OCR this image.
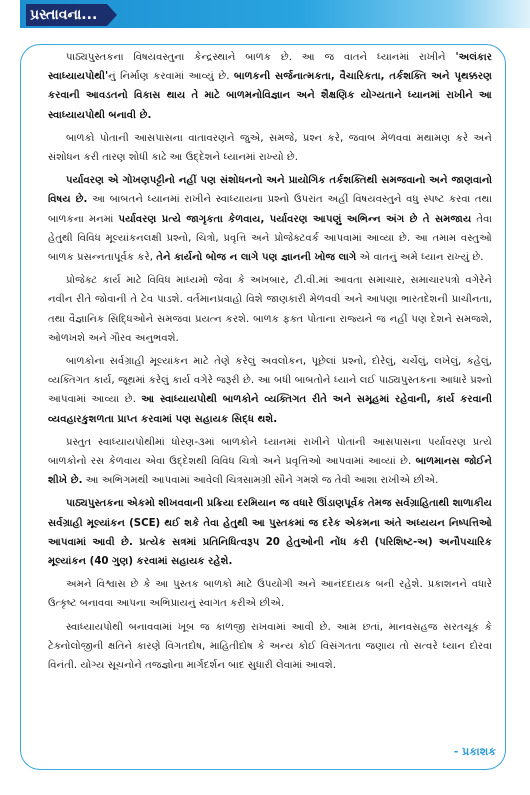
પ્રસ્તાવના...

પાઠ્યપુસ્તકના વિષયવસ્તુના કેન્દ્રસ્થાને બાળક છે. આ જ વાતને ધ્યાનમાં રાખીને 'અલંકાર સ્વાધ્યાયપોથી'નું નિર્માણ કરવામાં આવ્યું છે. બાળકની સર્જનાત્મકતા, વૈચારિકતા, તર્કશક્તિ અને પૃથક્કરણ કરવાની આવડતનો વિકાસ થાય તે માટે બાળમનોવિજ્ઞાન અને શૈક્ષણિક યોગ્યતાને ધ્યાનમાં રાખીને આ સ્વાધ્યાયપોથી બનાવી છે.

બાળકો પોતાની આસપાસના વાતાવરણને જુએ, સમજે, પ્રશ્ન કરે, જવાબ મેળવવા મથામણ કરે અને સંશોધન કરી તારણ શોધી કાઢે આ ઉદ્દેશને ધ્યાનમાં રાખ્યો છે.

પર્યાવરણ એ ગોખણપટ્ટીનો નહીં પણ સંશોધનનો અને પ્રાયોગિક તર્કશક્તિથી સમજવાનો અને જાણવાનો વિષય છે. આ બાબતને ધ્યાનમાં રાખીને સ્વાધ્યાયના પ્રશ્નો ઉપરાંત અહીં વિષયવસ્તુને વધુ સ્પષ્ટ કરવા તથા બાળકના મનમાં પર્યાવરણ પ્રત્યે જાગૃકતા કેળવાય, પર્યાવરણ આપણું અભિન્ન અંગ છે તે સમજાય તેવા હેતુથી વિવિધ મૂલ્યાંકનલક્ષી પ્રશ્નો, ચિત્રો, પ્રવૃત્તિ અને પ્રોજેક્ટવર્ક આપવામાં આવ્યા છે. આ તમામ વસ્તુઓ બાળક પ્રસન્નતાપૂર્વક કરે, તેને કાર્યનો બોજ ન લાગે પણ જ્ઞાનની ખોજ લાગે એ વાતનું અમે ધ્યાન રાખ્યું છે.

પ્રોજેક્ટ કાર્ય માટે વિવિધ માધ્યમો જેવા કે અખબાર, ટી.વી.માં આવતા સમાચાર, સમાચારપત્રો વગેરેને નવીન રીતે જોવાની તે ટેવ પાડશે. વર્તમાનપ્રવાહો વિશે જાણકારી મેળવવી અને આપણા ભારતદેશની પ્રાચીનતા, તથા વૈજ્ઞાનિક સિદ્ધિઓને સમજવા પ્રયત્ન કરશે. બાળક ફક્ત પોતાના રાજ્યને જ નહીં પણ દેશને સમજશે, ઓળખશે અને ગૌરવ અનુભવશે.

બાળકોના સર્વગ્રાહી મૂલ્યાંકન માટે તેણે કરેલું અવલોકન, પૂછેલાં પ્રશ્નો, દોરેલું, ચર્ચેલું, લખેલું, કહેલું, વ્યક્તિગત કાર્ય, જૂથમાં કરેલું કાર્ય વગેરે જરૂરી છે. આ બધી બાબતોને ધ્યાને લઈ પાઠ્યપુસ્તકના આધારે પ્રશ્નો આપવામાં આવ્યા છે. આ સ્વાધ્યાયપોથી બાળકોને વ્યક્તિગત રીતે અને સમૂહમાં રહેવાની, કાર્ય કરવાની વ્યવહારકુશળતા પ્રાપ્ત કરવામાં પણ સહાયક સિદ્ધ થશે.

પ્રસ્તુત સ્વાધ્યાયપોથીમાં ધોરણ-૩માં બાળકોને ધ્યાનમાં રાખીને પોતાની આસપાસના પર્યાવરણ પ્રત્યે બાળકોનો રસ કેળવાય એવા ઉદ્દેશથી વિવિધ ચિત્રો અને પ્રવૃત્તિઓ આપવામાં આવ્યાં છે. બાળમાનસ જોઈને શીખે છે. આ અભિગમથી આપવામાં આવેલી ચિત્રસામગ્રી સૌને ગમશે જ તેવી આશા રાખીએ છીએ.

પાઠ્યપુસ્તકના એકમો શીખવવાની પ્રક્રિયા દરમિયાન જ વધારે ઊંડાણપૂર્વક તેમજ સર્વગ્રાહિતાથી શાળાકીય સર્વગ્રાહી મૂલ્યાંકન (SCE) થઈ શકે તેવા હેતુથી આ પુસ્તકમાં જ દરેક એકમના અંતે અધ્યયન નિષ્પત્તિઓ આપવામાં આવી છે. પ્રત્યેક સત્રમાં પ્રતિનિધિત્વરૂપ 20 હેતુઓની નોંધ કરી (પરિશિષ્ટ-અ) અનૌપચારિક મૂલ્યાંકન (40 ગુણ) કરવામાં સહાયક રહેશે.

અમને વિશ્વાસ છે કે આ પુસ્તક બાળકો માટે ઉપયોગી અને આનંદદાયક બની રહેશે. પ્રકાશનને વધારે ઉત્કૃષ્ટ બનાવવા આપના અભિપ્રાયનું સ્વાગત કરીએ છીએ.

સ્વાધ્યાયપોથી બનાવવામાં ખૂબ જ કાળજી રાખવામાં આવી છે. આમ છતાં, માનવસહજ સરતચૂક કે ટેક્નોલોજીની ક્ષતિને કારણે વિગતદોષ, માહિતીદોષ કે અન્ય કોઈ વિસંગતતા જણાય તો સત્વરે ધ્યાન દોરવા વિનંતી. યોગ્ય સૂચનોને તજજ્ઞોના માર્ગદર્શન બાદ સુધારી લેવામાં આવશે.

- પ્રકાશક
